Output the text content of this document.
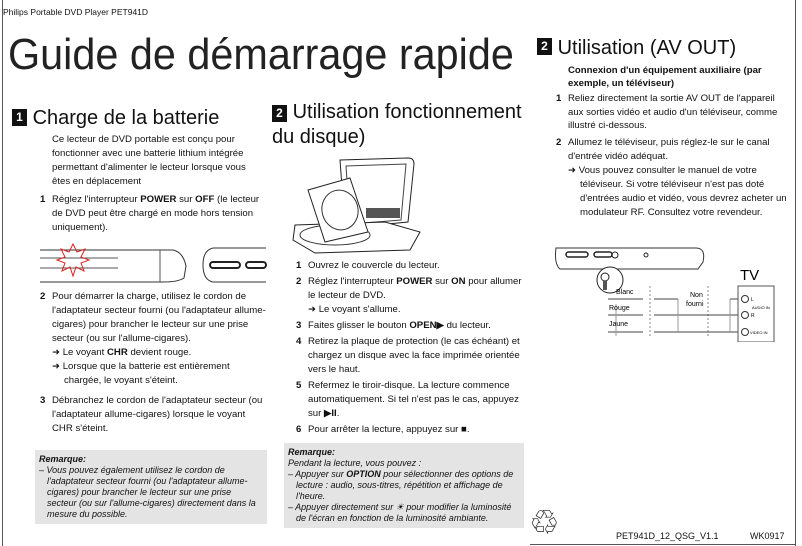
Philips Portable DVD Player PET941D
Guide de démarrage rapide
1 Charge de la batterie
Ce lecteur de DVD portable est conçu pour fonctionner avec une batterie lithium intégrée permettant d'alimenter le lecteur lorsque vous êtes en déplacement
1 Réglez l'interrupteur POWER sur OFF (le lecteur de DVD peut être chargé en mode hors tension uniquement).
2 Pour démarrer la charge, utilisez le cordon de l'adaptateur secteur fourni (ou l'adaptateur allume-cigares) pour brancher le lecteur sur une prise secteur (ou sur l'allume-cigares).
➜ Le voyant CHR devient rouge.
➜ Lorsque que la batterie est entièrement chargée, le voyant s'éteint.
3 Débranchez le cordon de l'adaptateur secteur (ou l'adaptateur allume-cigares) lorsque le voyant CHR s'éteint.
Remarque:
– Vous pouvez également utilisez le cordon de l'adaptateur secteur fourni (ou l'adaptateur allume-cigares) pour brancher le lecteur sur une prise secteur (ou sur l'allume-cigares) directement dans la mesure du possible.
2 Utilisation fonctionnement du disque)
1 Ouvrez le couvercle du lecteur.
2 Réglez l'interrupteur POWER sur ON pour allumer le lecteur de DVD.
➜ Le voyant s'allume.
3 Faites glisser le bouton OPEN▶ du lecteur.
4 Retirez la plaque de protection (le cas échéant) et chargez un disque avec la face imprimée orientée vers le haut.
5 Refermez le tiroir-disque. La lecture commence automatiquement. Si tel n'est pas le cas, appuyez sur ▶II.
6 Pour arrêter la lecture, appuyez sur ■.
Remarque:
Pendant la lecture, vous pouvez :
– Appuyer sur OPTION pour sélectionner des options de lecture : audio, sous-titres, répétition et affichage de l'heure.
– Appuyer directement sur ☀ pour modifier la luminosité de l'écran en fonction de la luminosité ambiante.
2 Utilisation (AV OUT)
Connexion d'un équipement auxiliaire (par exemple, un téléviseur)
1 Reliez directement la sortie AV OUT de l'appareil aux sorties vidéo et audio d'un téléviseur, comme illustré ci-dessous.
2 Allumez le téléviseur, puis réglez-le sur le canal d'entrée vidéo adéquat.
➜ Vous pouvez consulter le manuel de votre téléviseur. Si votre téléviseur n'est pas doté d'entrées audio et vidéo, vous devrez acheter un modulateur RF. Consultez votre revendeur.
TV
Blanc
Rouge
Jaune
Non
fourni
L
AUDIO IN
R
VIDEO IN
♲	PET941D_12_QSG_V1.1	WK0917
